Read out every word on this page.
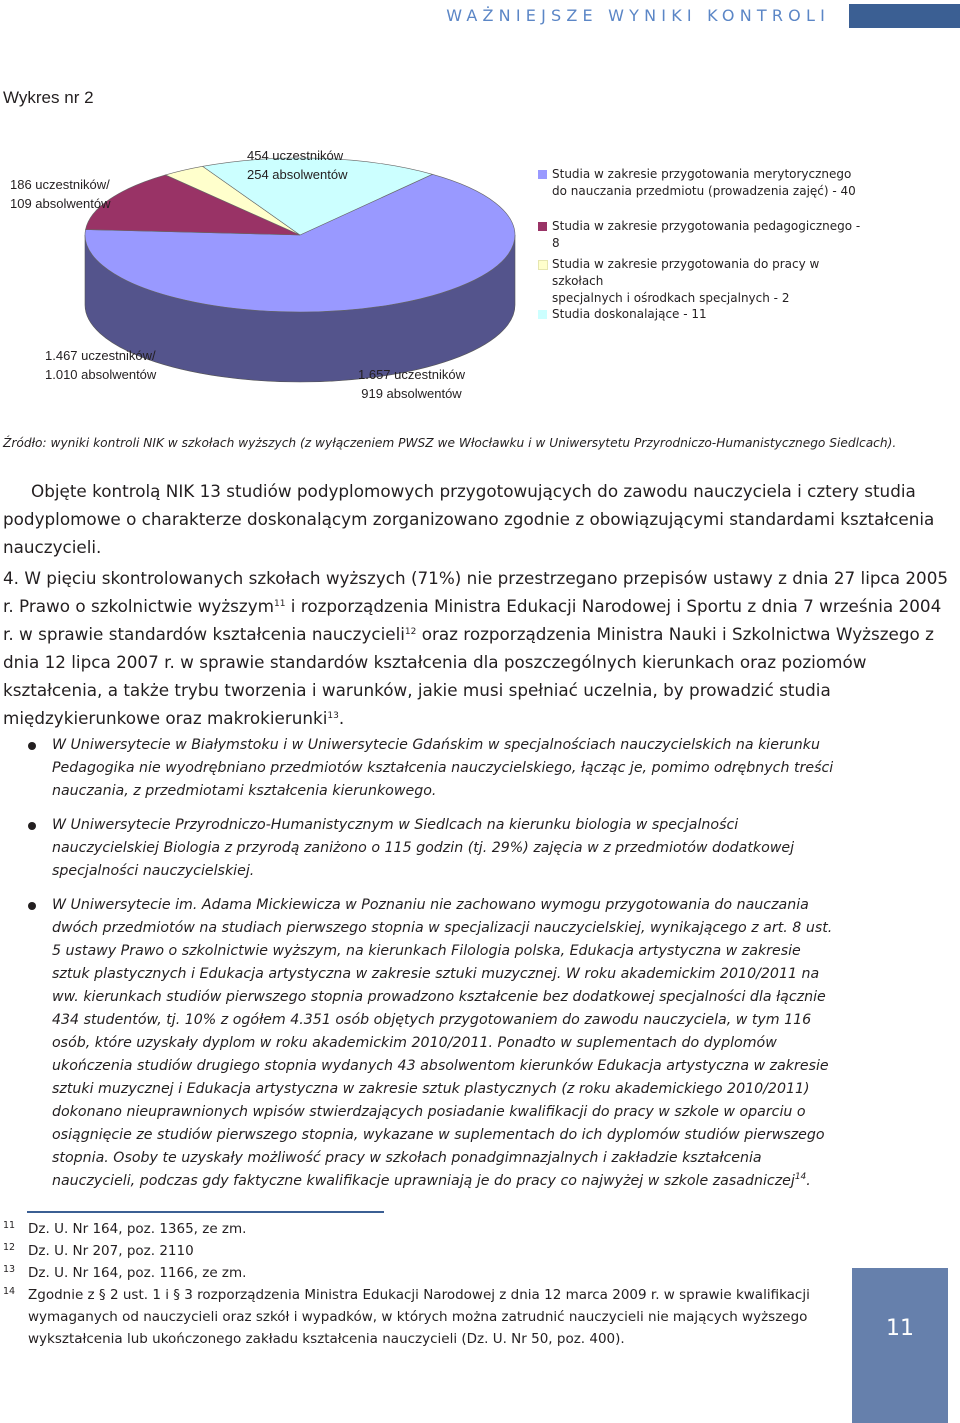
WAŻNIEJSZE WYNIKI KONTROLI
Wykres nr 2
186 uczestników/
109 absolwentów
454 uczestników
254 absolwentów
1.467 uczestników/
1.010 absolwentów	1.657 uczestników
919 absolwentów
Studia w zakresie przygotowania merytorycznego
do nauczania przedmiotu (prowadzenia zajęć) - 40
Studia w zakresie przygotowania pedagogicznego - 8
Studia w zakresie przygotowania do pracy w szkołach
specjalnych i ośrodkach specjalnych - 2
Studia doskonalające - 11
Źródło: wyniki kontroli NIK w szkołach wyższych (z wyłączeniem PWSZ we Włocławku i w Uniwersytetu Przyrodniczo-Humanistycznego Siedlcach).
Objęte kontrolą NIK 13 studiów podyplomowych przygotowujących do zawodu nauczyciela i cztery studia podyplomowe o charakterze doskonalącym zorganizowano zgodnie z obowiązującymi standardami kształcenia nauczycieli.
4. W pięciu skontrolowanych szkołach wyższych (71%) nie przestrzegano przepisów ustawy z dnia 27 lipca 2005 r. Prawo o szkolnictwie wyższym$^{11}$ i rozporządzenia Ministra Edukacji Narodowej i Sportu z dnia 7 września 2004 r. w sprawie standardów kształcenia nauczycieli$^{12}$ oraz rozporządzenia Ministra Nauki i Szkolnictwa Wyższego z dnia 12 lipca 2007 r. w sprawie standardów kształcenia dla poszczególnych kierunkach oraz poziomów kształcenia, a także trybu tworzenia i warunków, jakie musi spełniać uczelnia, by prowadzić studia międzykierunkowe oraz makrokierunki$^{13}$.
W Uniwersytecie w Białymstoku i w Uniwersytecie Gdańskim w specjalnościach nauczycielskich na kierunku Pedagogika nie wyodrębniano przedmiotów kształcenia nauczycielskiego, łącząc je, pomimo odrębnych treści nauczania, z przedmiotami kształcenia kierunkowego.
W Uniwersytecie Przyrodniczo-Humanistycznym w Siedlcach na kierunku biologia w specjalności nauczycielskiej Biologia z przyrodą zaniżono o 115 godzin (tj. 29%) zajęcia w z przedmiotów dodatkowej specjalności nauczycielskiej.
W Uniwersytecie im. Adama Mickiewicza w Poznaniu nie zachowano wymogu przygotowania do nauczania dwóch przedmiotów na studiach pierwszego stopnia w specjalizacji nauczycielskiej, wynikającego z art. 8 ust. 5 ustawy Prawo o szkolnictwie wyższym, na kierunkach Filologia polska, Edukacja artystyczna w zakresie sztuk plastycznych i Edukacja artystyczna w zakresie sztuki muzycznej. W roku akademickim 2010/2011 na ww. kierunkach studiów pierwszego stopnia prowadzono kształcenie bez dodatkowej specjalności dla łącznie 434 studentów, tj. 10% z ogółem 4.351 osób objętych przygotowaniem do zawodu nauczyciela, w tym 116 osób, które uzyskały dyplom w roku akademickim 2010/2011. Ponadto w suplementach do dyplomów ukończenia studiów drugiego stopnia wydanych 43 absolwentom kierunków Edukacja artystyczna w zakresie sztuki muzycznej i Edukacja artystyczna w zakresie sztuk plastycznych (z roku akademickiego 2010/2011) dokonano nieuprawnionych wpisów stwierdzających posiadanie kwalifikacji do pracy w szkole w oparciu o osiągnięcie ze studiów pierwszego stopnia, wykazane w suplementach do ich dyplomów studiów pierwszego stopnia. Osoby te uzyskały możliwość pracy w szkołach ponadgimnazjalnych i zakładzie kształcenia nauczycieli, podczas gdy faktyczne kwalifikacje uprawniają je do pracy co najwyżej w szkole zasadniczej$^{14}$.
11 Dz. U. Nr 164, poz. 1365, ze zm.
12 Dz. U. Nr 207, poz. 2110
13 Dz. U. Nr 164, poz. 1166, ze zm.
14 Zgodnie z § 2 ust. 1 i § 3 rozporządzenia Ministra Edukacji Narodowej z dnia 12 marca 2009 r. w sprawie kwalifikacji wymaganych od nauczycieli oraz szkół i wypadków, w których można zatrudnić nauczycieli nie mających wyższego wykształcenia lub ukończonego zakładu kształcenia nauczycieli (Dz. U. Nr 50, poz. 400).	11
